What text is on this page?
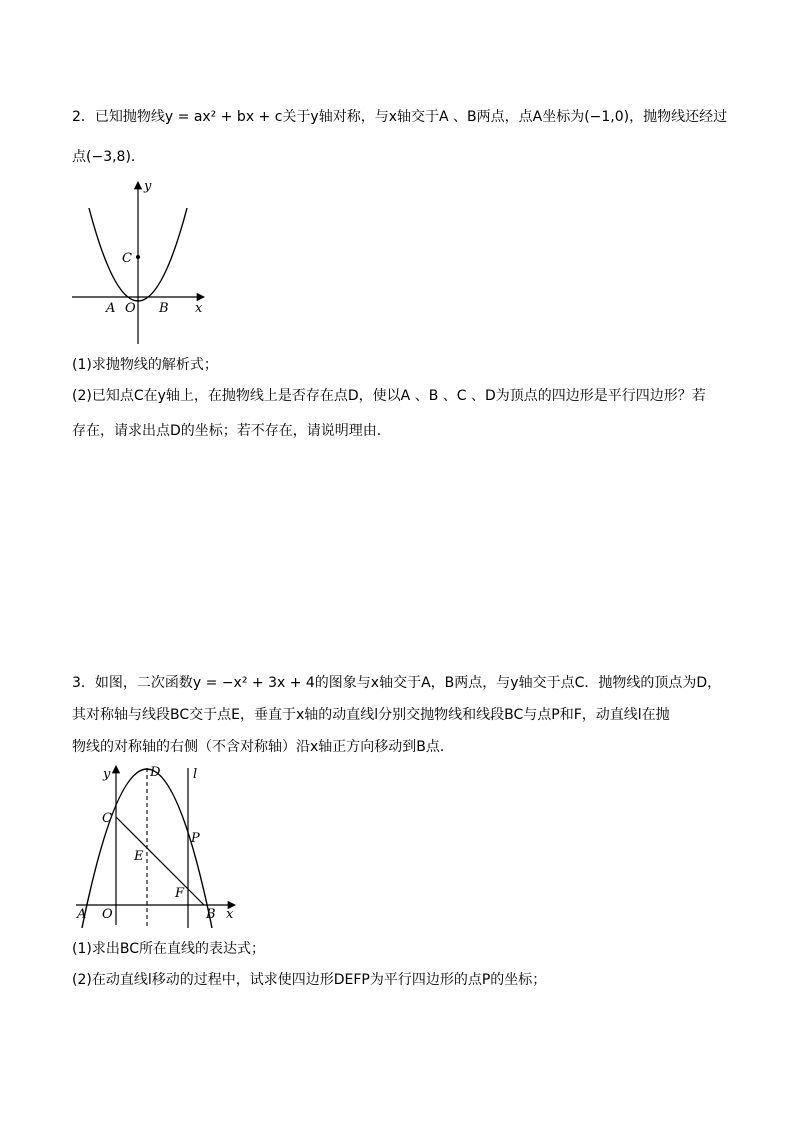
2．已知抛物线y = ax² + bx + c关于y轴对称，与x轴交于A 、B两点，点A坐标为(−1,0)，抛物线还经过
点(−3,8)．
y
x
C
A O B
(1)求抛物线的解析式；
(2)已知点C在y轴上，在抛物线上是否存在点D，使以A 、B 、C 、D为顶点的四边形是平行四边形？若
存在，请求出点D的坐标；若不存在，请说明理由．
3．如图，二次函数y = −x² + 3x + 4的图象与x轴交于A，B两点，与y轴交于点C．抛物线的顶点为D，
其对称轴与线段BC交于点E，垂直于x轴的动直线l分别交抛物线和线段BC与点P和F，动直线l在抛
物线的对称轴的右侧（不含对称轴）沿x轴正方向移动到B点．
y	D	l
C
P
E
F
A O	B x
(1)求出BC所在直线的表达式；
(2)在动直线l移动的过程中，试求使四边形DEFP为平行四边形的点P的坐标；
